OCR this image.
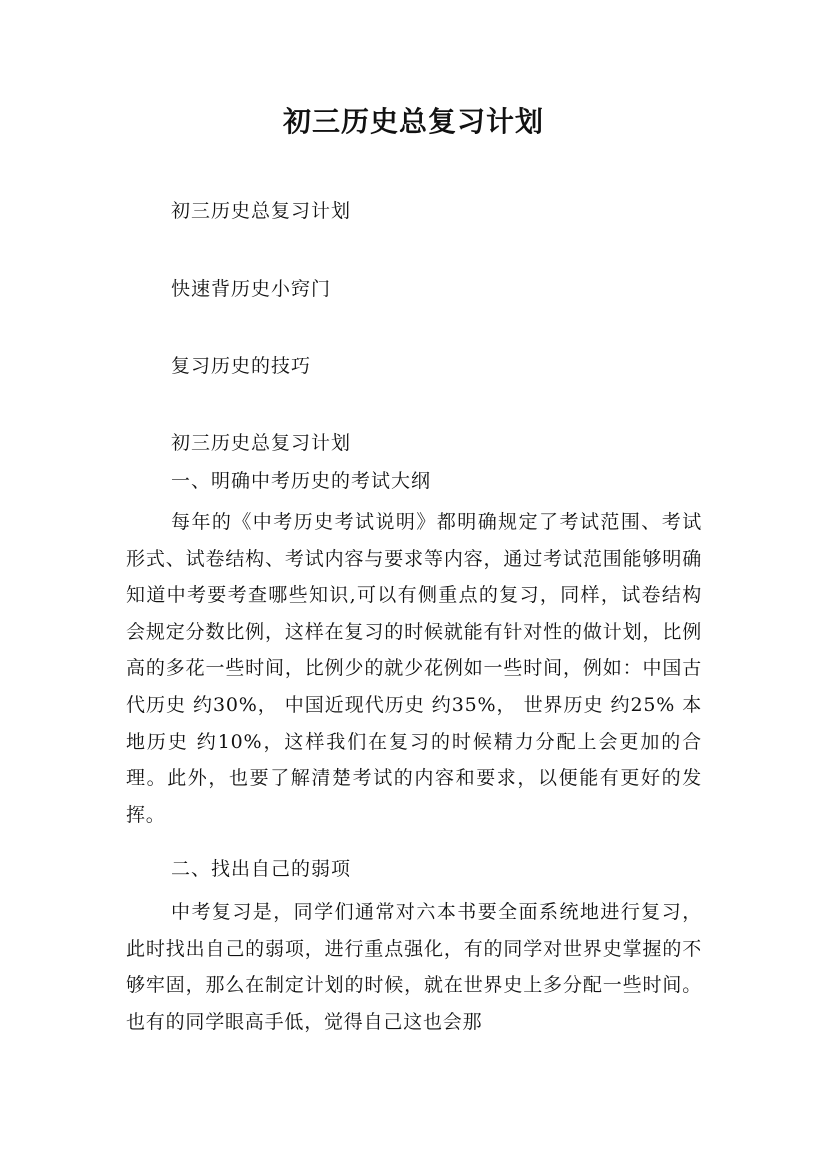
初三历史总复习计划

初三历史总复习计划

快速背历史小窍门

复习历史的技巧

初三历史总复习计划

一、明确中考历史的考试大纲

每年的《中考历史考试说明》都明确规定了考试范围、考试形式、试卷结构、考试内容与要求等内容，通过考试范围能够明确知道中考要考查哪些知识,可以有侧重点的复习，同样，试卷结构会规定分数比例，这样在复习的时候就能有针对性的做计划，比例高的多花一些时间，比例少的就少花例如一些时间，例如：中国古代历史 约30%， 中国近现代历史 约35%， 世界历史 约25% 本地历史 约10%，这样我们在复习的时候精力分配上会更加的合理。此外，也要了解清楚考试的内容和要求，以便能有更好的发挥。

二、找出自己的弱项

中考复习是，同学们通常对六本书要全面系统地进行复习，此时找出自己的弱项，进行重点强化，有的同学对世界史掌握的不够牢固，那么在制定计划的时候，就在世界史上多分配一些时间。也有的同学眼高手低，觉得自己这也会那
